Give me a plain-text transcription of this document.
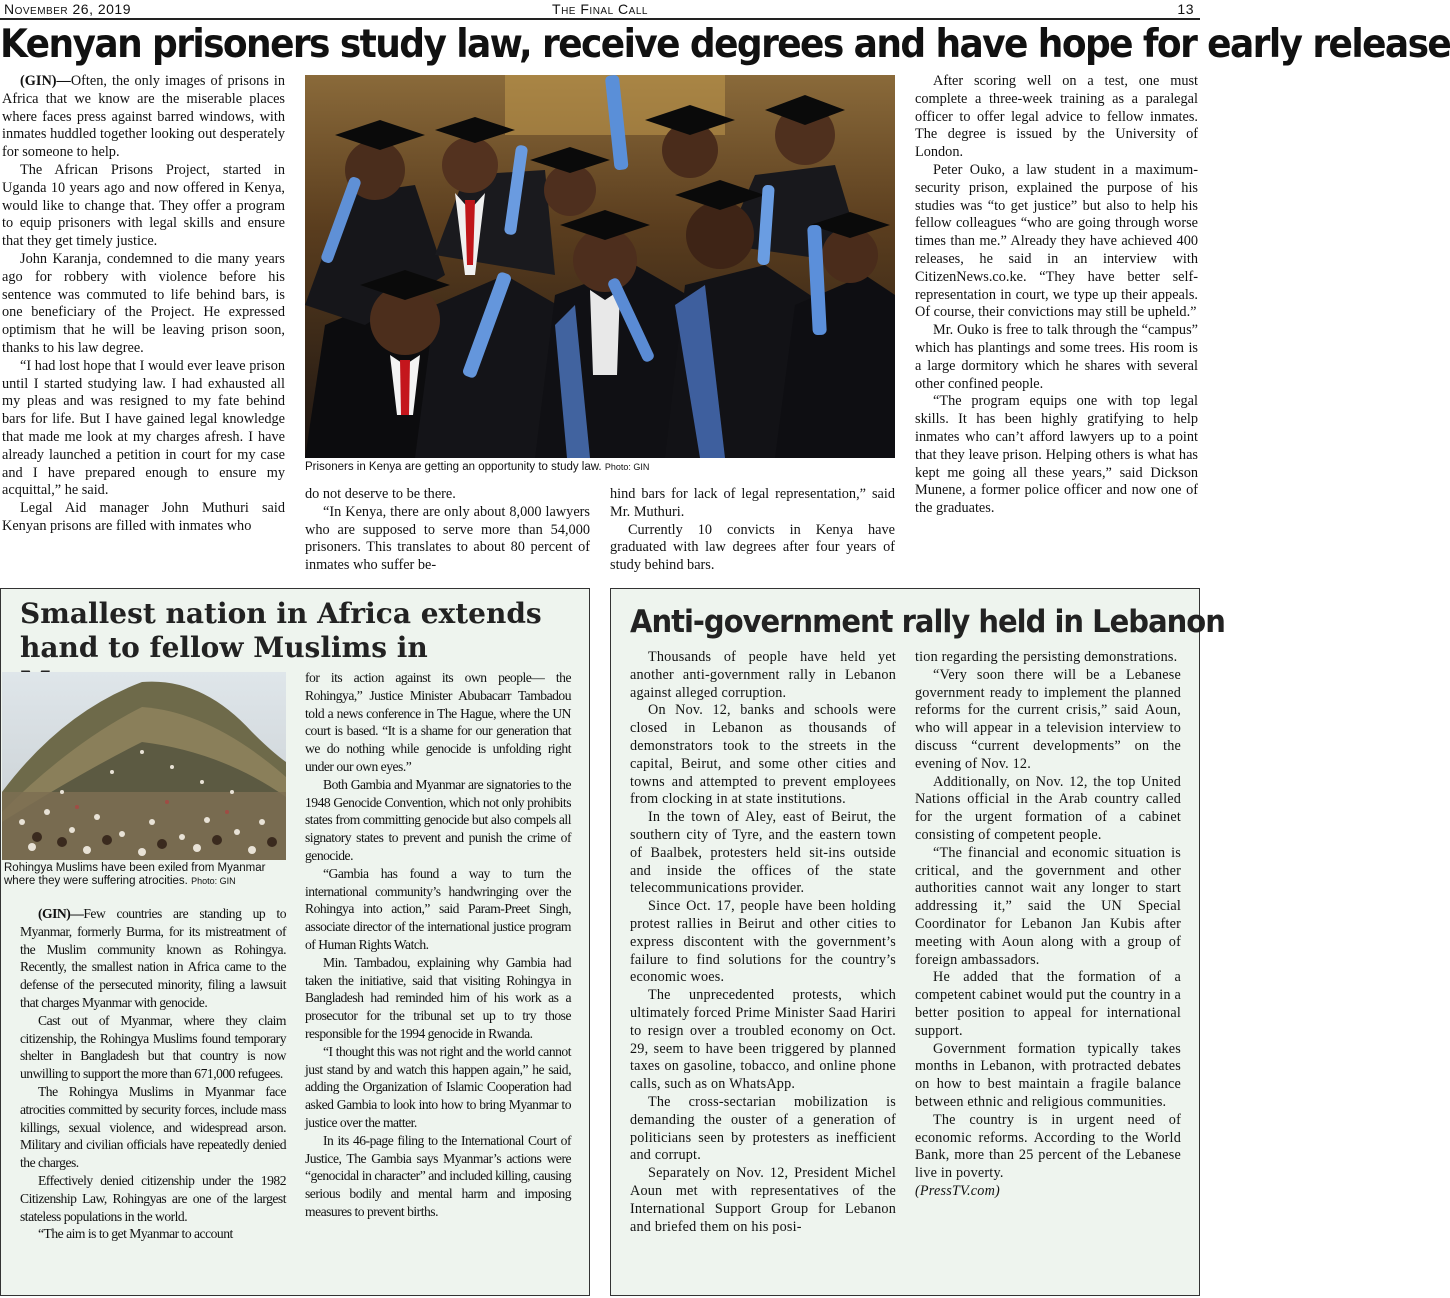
November 26, 2019	The Final Call	13
Kenyan prisoners study law, receive degrees and have hope for early release

(GIN)—Often, the only images of prisons in Africa that we know are the miserable places where faces press against barred windows, with inmates huddled together looking out desperately for someone to help.

The African Prisons Project, started in Uganda 10 years ago and now offered in Kenya, would like to change that. They offer a program to equip prisoners with legal skills and ensure that they get timely justice.

John Karanja, condemned to die many years ago for robbery with violence before his sentence was commuted to life behind bars, is one beneficiary of the Project. He expressed optimism that he will be leaving prison soon, thanks to his law degree.

“I had lost hope that I would ever leave prison until I started studying law. I had exhausted all my pleas and was resigned to my fate behind bars for life. But I have gained legal knowledge that made me look at my charges afresh. I have already launched a petition in court for my case and I have prepared enough to ensure my acquittal,” he said.

Legal Aid manager John Muthuri said Kenyan prisons are filled with inmates who

Prisoners in Kenya are getting an opportunity to study law. Photo: GIN

do not deserve to be there.

“In Kenya, there are only about 8,000 lawyers who are supposed to serve more than 54,000 prisoners. This translates to about 80 percent of inmates who suffer be-

hind bars for lack of legal representation,” said Mr. Muthuri.

Currently 10 convicts in Kenya have graduated with law degrees after four years of study behind bars.

After scoring well on a test, one must complete a three-week training as a paralegal officer to offer legal advice to fellow inmates. The degree is issued by the University of London.

Peter Ouko, a law student in a maximum-security prison, explained the purpose of his studies was “to get justice” but also to help his fellow colleagues “who are going through worse times than me.” Already they have achieved 400 releases, he said in an interview with CitizenNews.co.ke. “They have better self-representation in court, we type up their appeals. Of course, their convictions may still be upheld.”

Mr. Ouko is free to talk through the “campus” which has plantings and some trees. His room is a large dormitory which he shares with several other confined people.

“The program equips one with top legal skills. It has been highly gratifying to help inmates who can’t afford lawyers up to a point that they leave prison. Helping others is what has kept me going all these years,” said Dickson Munene, a former police officer and now one of the graduates.

Smallest nation in Africa extends hand to fellow Muslims in
Rohingya Muslims have been exiled from Myanmar where they were suffering atrocities. Photo: GIN

(GIN)—Few countries are standing up to Myanmar, formerly Burma, for its mistreatment of the Muslim community known as Rohingya. Recently, the smallest nation in Africa came to the defense of the persecuted minority, filing a lawsuit that charges Myanmar with genocide.

Cast out of Myanmar, where they claim citizenship, the Rohingya Muslims found temporary shelter in Bangladesh but that country is now unwilling to support the more than 671,000 refugees.

The Rohingya Muslims in Myanmar face atrocities committed by security forces, include mass killings, sexual violence, and widespread arson. Military and civilian officials have repeatedly denied the charges.

Effectively denied citizenship under the 1982 Citizenship Law, Rohingyas are one of the largest stateless populations in the world.

“The aim is to get Myanmar to account

for its action against its own people— the Rohingya,” Justice Minister Abubacarr Tambadou told a news conference in The Hague, where the UN court is based. “It is a shame for our generation that we do nothing while genocide is unfolding right under our own eyes.”

Both Gambia and Myanmar are signatories to the 1948 Genocide Convention, which not only prohibits states from committing genocide but also compels all signatory states to prevent and punish the crime of genocide.

“Gambia has found a way to turn the international community’s handwringing over the Rohingya into action,” said Param-Preet Singh, associate director of the international justice program of Human Rights Watch.

Min. Tambadou, explaining why Gambia had taken the initiative, said that visiting Rohingya in Bangladesh had reminded him of his work as a prosecutor for the tribunal set up to try those responsible for the 1994 genocide in Rwanda.

“I thought this was not right and the world cannot just stand by and watch this happen again,” he said, adding the Organization of Islamic Cooperation had asked Gambia to look into how to bring Myanmar to justice over the matter.

In its 46-page filing to the International Court of Justice, The Gambia says Myanmar’s actions were “genocidal in character” and included killing, causing serious bodily and mental harm and imposing measures to prevent births.

Anti-government rally held in Lebanon

Thousands of people have held yet another anti-government rally in Lebanon against alleged corruption.

On Nov. 12, banks and schools were closed in Lebanon as thousands of demonstrators took to the streets in the capital, Beirut, and some other cities and towns and attempted to prevent employees from clocking in at state institutions.

In the town of Aley, east of Beirut, the southern city of Tyre, and the eastern town of Baalbek, protesters held sit-ins outside and inside the offices of the state telecommunications provider.

Since Oct. 17, people have been holding protest rallies in Beirut and other cities to express discontent with the government’s failure to find solutions for the country’s economic woes.

The unprecedented protests, which ultimately forced Prime Minister Saad Hariri to resign over a troubled economy on Oct. 29, seem to have been triggered by planned taxes on gasoline, tobacco, and online phone calls, such as on WhatsApp.

The cross-sectarian mobilization is demanding the ouster of a generation of politicians seen by protesters as inefficient and corrupt.

Separately on Nov. 12, President Michel Aoun met with representatives of the International Support Group for Lebanon and briefed them on his posi-

tion regarding the persisting demonstrations.

“Very soon there will be a Lebanese government ready to implement the planned reforms for the current crisis,” said Aoun, who will appear in a television interview to discuss “current developments” on the evening of Nov. 12.

Additionally, on Nov. 12, the top United Nations official in the Arab country called for the urgent formation of a cabinet consisting of competent people.

“The financial and economic situation is critical, and the government and other authorities cannot wait any longer to start addressing it,” said the UN Special Coordinator for Lebanon Jan Kubis after meeting with Aoun along with a group of foreign ambassadors.

He added that the formation of a competent cabinet would put the country in a better position to appeal for international support.

Government formation typically takes months in Lebanon, with protracted debates on how to best maintain a fragile balance between ethnic and religious communities.

The country is in urgent need of economic reforms. According to the World Bank, more than 25 percent of the Lebanese live in poverty.

(PressTV.com)
